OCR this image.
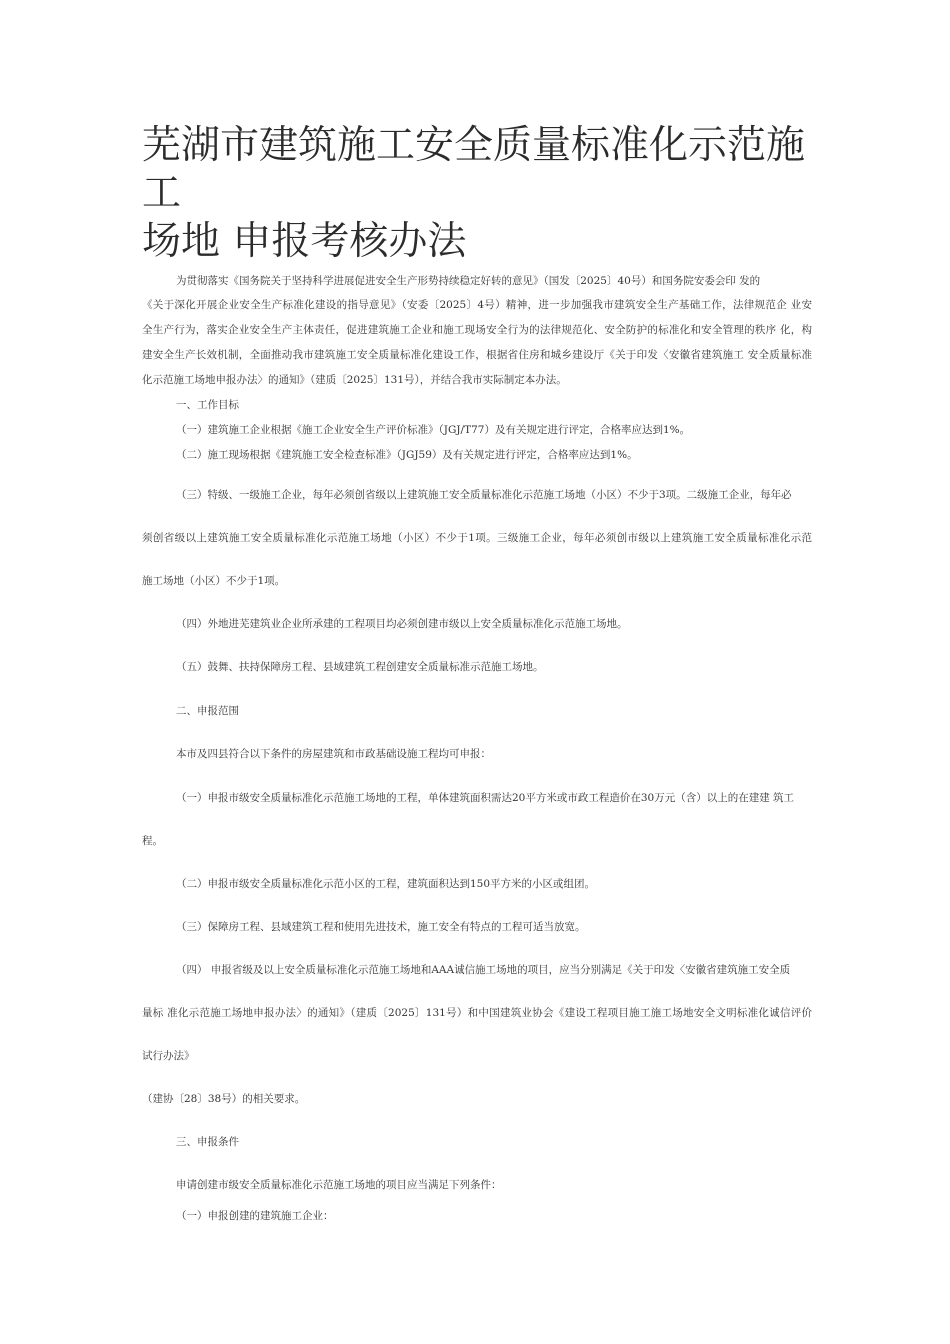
芜湖市建筑施工安全质量标准化示范施工
场地 申报考核办法

为贯彻落实《国务院关于坚持科学进展促进安全生产形势持续稳定好转的意见》（国发〔2025〕40号）和国务院安委会印 发的

《关于深化开展企业安全生产标准化建设的指导意见》（安委〔2025〕4号）精神，进一步加强我市建筑安全生产基础工作，法律规范企 业安

全生产行为，落实企业安全生产主体责任，促进建筑施工企业和施工现场安全行为的法律规范化、安全防护的标准化和安全管理的秩序 化，构

建安全生产长效机制，全面推动我市建筑施工安全质量标准化建设工作，根据省住房和城乡建设厅《关于印发〈安徽省建筑施工 安全质量标准

化示范施工场地申报办法〉的通知》（建质〔2025〕131号），并结合我市实际制定本办法。

一、工作目标

（一）建筑施工企业根据《施工企业安全生产评价标准》（JGJ/T77）及有关规定进行评定，合格率应达到1%。

（二）施工现场根据《建筑施工安全检查标准》（JGJ59）及有关规定进行评定，合格率应达到1%。

（三）特级、一级施工企业，每年必须创省级以上建筑施工安全质量标准化示范施工场地（小区）不少于3项。二级施工企业，每年必

须创省级以上建筑施工安全质量标准化示范施工场地（小区）不少于1项。三级施工企业，每年必须创市级以上建筑施工安全质量标准化示范

施工场地（小区）不少于1项。

（四）外地进芜建筑业企业所承建的工程项目均必须创建市级以上安全质量标准化示范施工场地。

（五）鼓舞、扶持保障房工程、县域建筑工程创建安全质量标准示范施工场地。

二、申报范围

本市及四县符合以下条件的房屋建筑和市政基础设施工程均可申报：

（一）申报市级安全质量标准化示范施工场地的工程，单体建筑面积需达20平方米或市政工程造价在30万元（含）以上的在建建 筑工

程。

（二）申报市级安全质量标准化示范小区的工程，建筑面积达到150平方米的小区或组团。

（三）保障房工程、县域建筑工程和使用先进技术，施工安全有特点的工程可适当放宽。

（四） 申报省级及以上安全质量标准化示范施工场地和AAA诚信施工场地的项目，应当分别满足《关于印发〈安徽省建筑施工安全质

量标 准化示范施工场地申报办法〉的通知》（建质〔2025〕131号）和中国建筑业协会《建设工程项目施工施工场地安全文明标准化诚信评价

试行办法》

（建协〔28〕38号）的相关要求。

三、申报条件

申请创建市级安全质量标准化示范施工场地的项目应当满足下列条件：

（一）申报创建的建筑施工企业：
